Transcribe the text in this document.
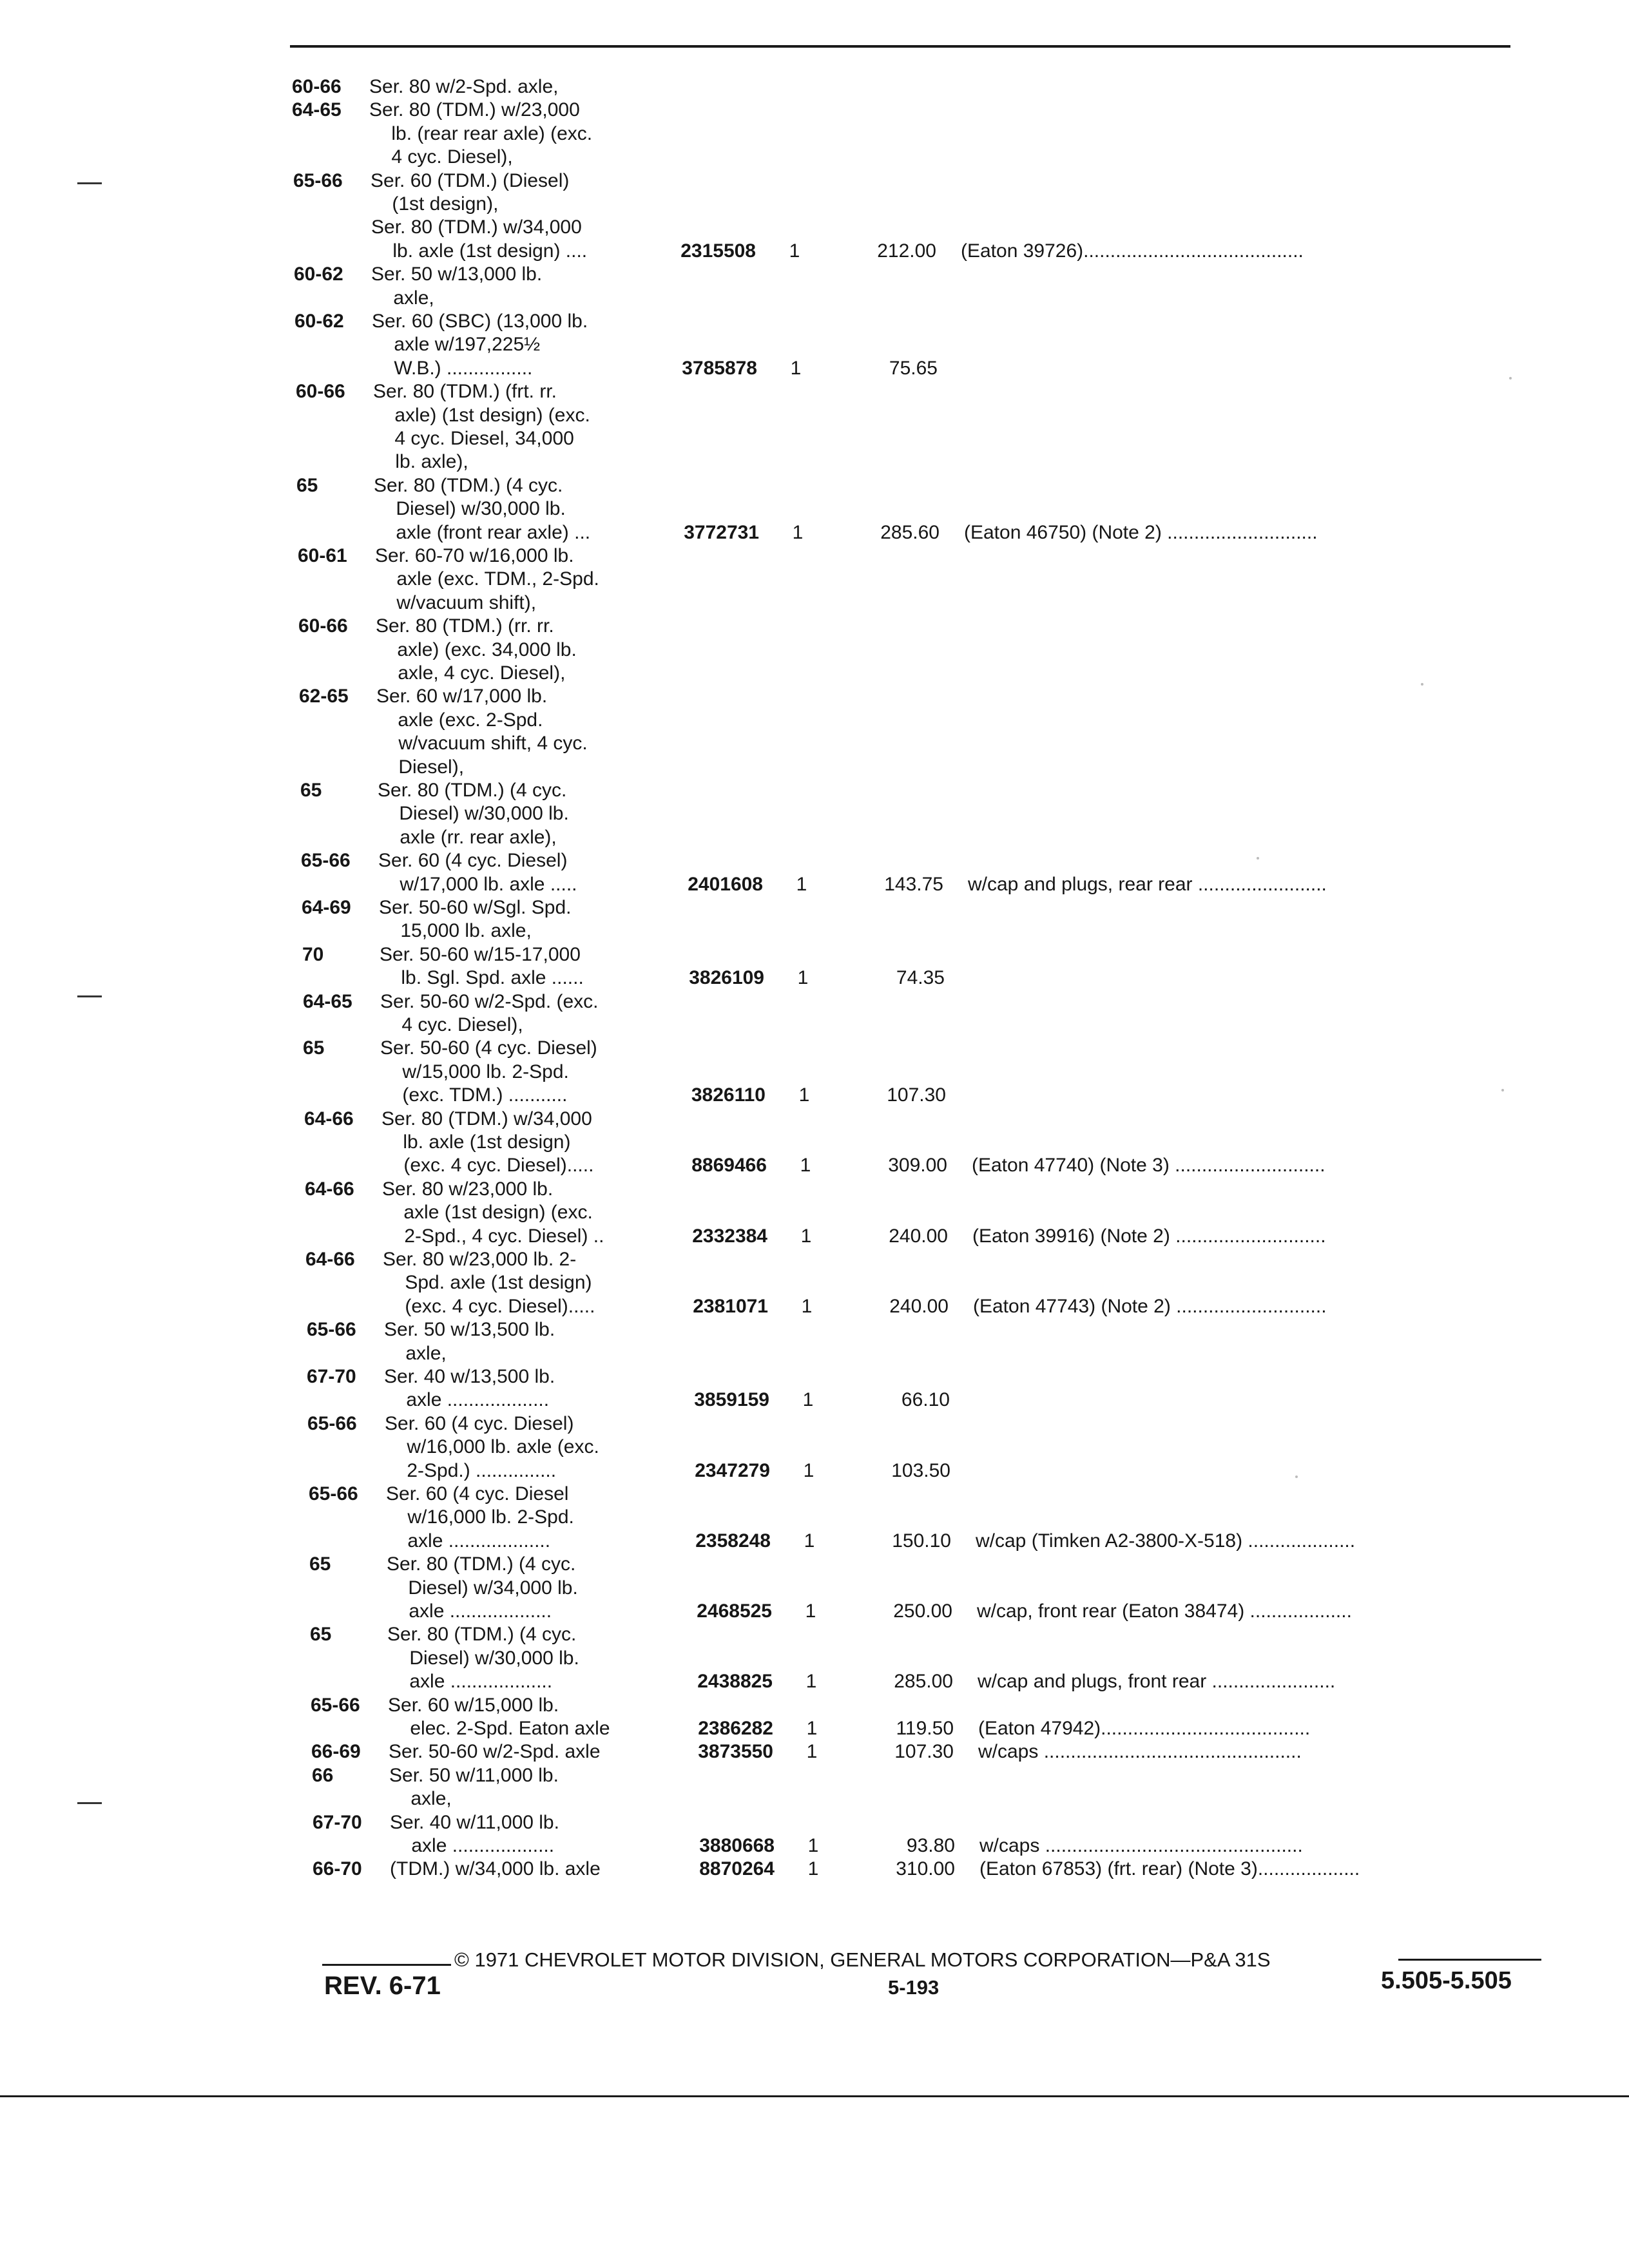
60-66 Ser. 80 w/2-Spd. axle,
64-65 Ser. 80 (TDM.) w/23,000
lb. (rear rear axle) (exc.
4 cyc. Diesel),
65-66 Ser. 60 (TDM.) (Diesel)
(1st design),
Ser. 80 (TDM.) w/34,000
lb. axle (1st design) ....	2315508 1	212.00 (Eaton 39726).........................................
60-62 Ser. 50 w/13,000 lb.
axle,
60-62 Ser. 60 (SBC) (13,000 lb.
axle w/197,225½
W.B.) ................	3785878 1	75.65
60-66 Ser. 80 (TDM.) (frt. rr.
axle) (1st design) (exc.
4 cyc. Diesel, 34,000
lb. axle),
65	Ser. 80 (TDM.) (4 cyc.
Diesel) w/30,000 lb.
axle (front rear axle) ...	3772731 1	285.60 (Eaton 46750) (Note 2) ............................
60-61 Ser. 60-70 w/16,000 lb.
axle (exc. TDM., 2-Spd.
w/vacuum shift),
60-66 Ser. 80 (TDM.) (rr. rr.
axle) (exc. 34,000 lb.
axle, 4 cyc. Diesel),
62-65 Ser. 60 w/17,000 lb.
axle (exc. 2-Spd.
w/vacuum shift, 4 cyc.
Diesel),
65	Ser. 80 (TDM.) (4 cyc.
Diesel) w/30,000 lb.
axle (rr. rear axle),
65-66 Ser. 60 (4 cyc. Diesel)
w/17,000 lb. axle .....	2401608 1	143.75 w/cap and plugs, rear rear ........................
64-69 Ser. 50-60 w/Sgl. Spd.
15,000 lb. axle,
70	Ser. 50-60 w/15-17,000
lb. Sgl. Spd. axle ......	3826109 1	74.35
64-65 Ser. 50-60 w/2-Spd. (exc.
4 cyc. Diesel),
65	Ser. 50-60 (4 cyc. Diesel)
w/15,000 lb. 2-Spd.
(exc. TDM.) ...........	3826110 1	107.30
64-66 Ser. 80 (TDM.) w/34,000
lb. axle (1st design)
(exc. 4 cyc. Diesel).....	8869466 1	309.00 (Eaton 47740) (Note 3) ............................
64-66 Ser. 80 w/23,000 lb.
axle (1st design) (exc.
2-Spd., 4 cyc. Diesel) ..	2332384 1	240.00 (Eaton 39916) (Note 2) ............................
64-66 Ser. 80 w/23,000 lb. 2-
Spd. axle (1st design)
(exc. 4 cyc. Diesel).....	2381071 1	240.00 (Eaton 47743) (Note 2) ............................
65-66 Ser. 50 w/13,500 lb.
axle,
67-70 Ser. 40 w/13,500 lb.
axle ...................	3859159 1	66.10
65-66 Ser. 60 (4 cyc. Diesel)
w/16,000 lb. axle (exc.
2-Spd.) ...............	2347279 1	103.50
65-66 Ser. 60 (4 cyc. Diesel
w/16,000 lb. 2-Spd.
axle ...................	2358248 1	150.10 w/cap (Timken A2-3800-X-518) ....................
65	Ser. 80 (TDM.) (4 cyc.
Diesel) w/34,000 lb.
axle ...................	2468525 1	250.00 w/cap, front rear (Eaton 38474) ...................
65	Ser. 80 (TDM.) (4 cyc.
Diesel) w/30,000 lb.
axle ...................	2438825 1	285.00 w/cap and plugs, front rear .......................
65-66 Ser. 60 w/15,000 lb.
elec. 2-Spd. Eaton axle	2386282 1	119.50 (Eaton 47942).......................................
66-69 Ser. 50-60 w/2-Spd. axle	3873550 1	107.30 w/caps ................................................
66	Ser. 50 w/11,000 lb.
axle,
67-70 Ser. 40 w/11,000 lb.
axle ...................	3880668 1	93.80 w/caps ................................................
66-70 (TDM.) w/34,000 lb. axle	8870264 1	310.00 (Eaton 67853) (frt. rear) (Note 3)...................
© 1971 CHEVROLET MOTOR DIVISION, GENERAL MOTORS CORPORATION—P&A 31S
REV. 6-71	5-193	5.505-5.505
